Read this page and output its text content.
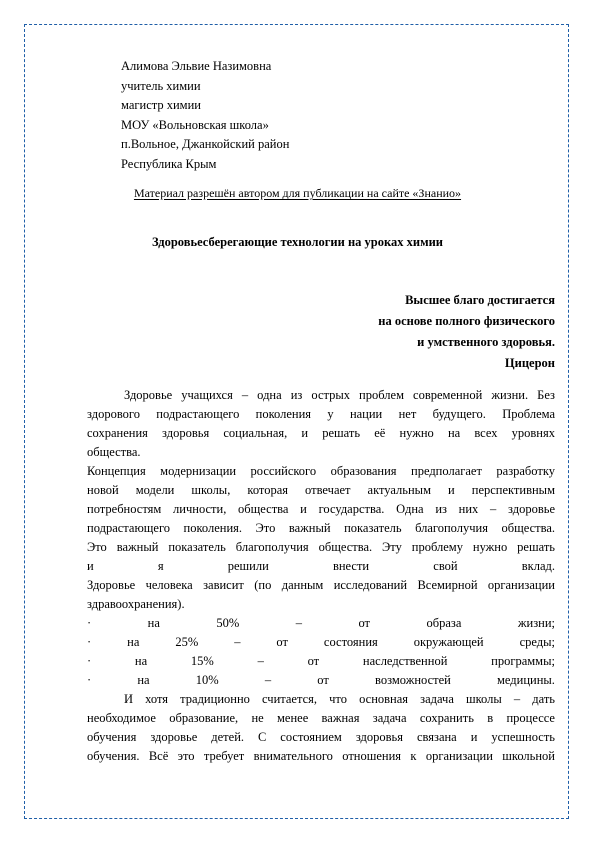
Алимова Эльвие Назимовна
учитель химии
магистр химии
МОУ «Вольновская школа»
п.Вольное, Джанкойский район
Республика Крым
Материал разрешён автором для публикации на сайте «Знанио»
Здоровьесберегающие технологии на уроках химии
Высшее благо достигается
на основе полного физического
и умственного здоровья.
Цицерон
Здоровье учащихся – одна из острых проблем современной жизни. Без
здорового подрастающего поколения у нации нет будущего. Проблема
сохранения здоровья социальная, и решать её нужно на всех уровнях
общества.
Концепция модернизации российского образования предполагает разработку
новой модели школы, которая отвечает актуальным и перспективным
потребностям личности, общества и государства. Одна из них – здоровье
подрастающего поколения. Это важный показатель благополучия общества.
Это важный показатель благополучия общества. Эту проблему нужно решать
и я решили внести свой вклад.
Здоровье человека зависит (по данным исследований Всемирной организации
здравоохранения).
·	на	50%	–	от	образа	жизни;
·	на	25%	–	от	состояния	окружающей	среды;
·	на	15%	–	от	наследственной	программы;
·	на	10%	–	от	возможностей	медицины.
И хотя традиционно считается, что основная задача школы – дать
необходимое образование, не менее важная задача сохранить в процессе
обучения здоровье детей. С состоянием здоровья связана и успешность
обучения. Всё это требует внимательного отношения к организации школьной
